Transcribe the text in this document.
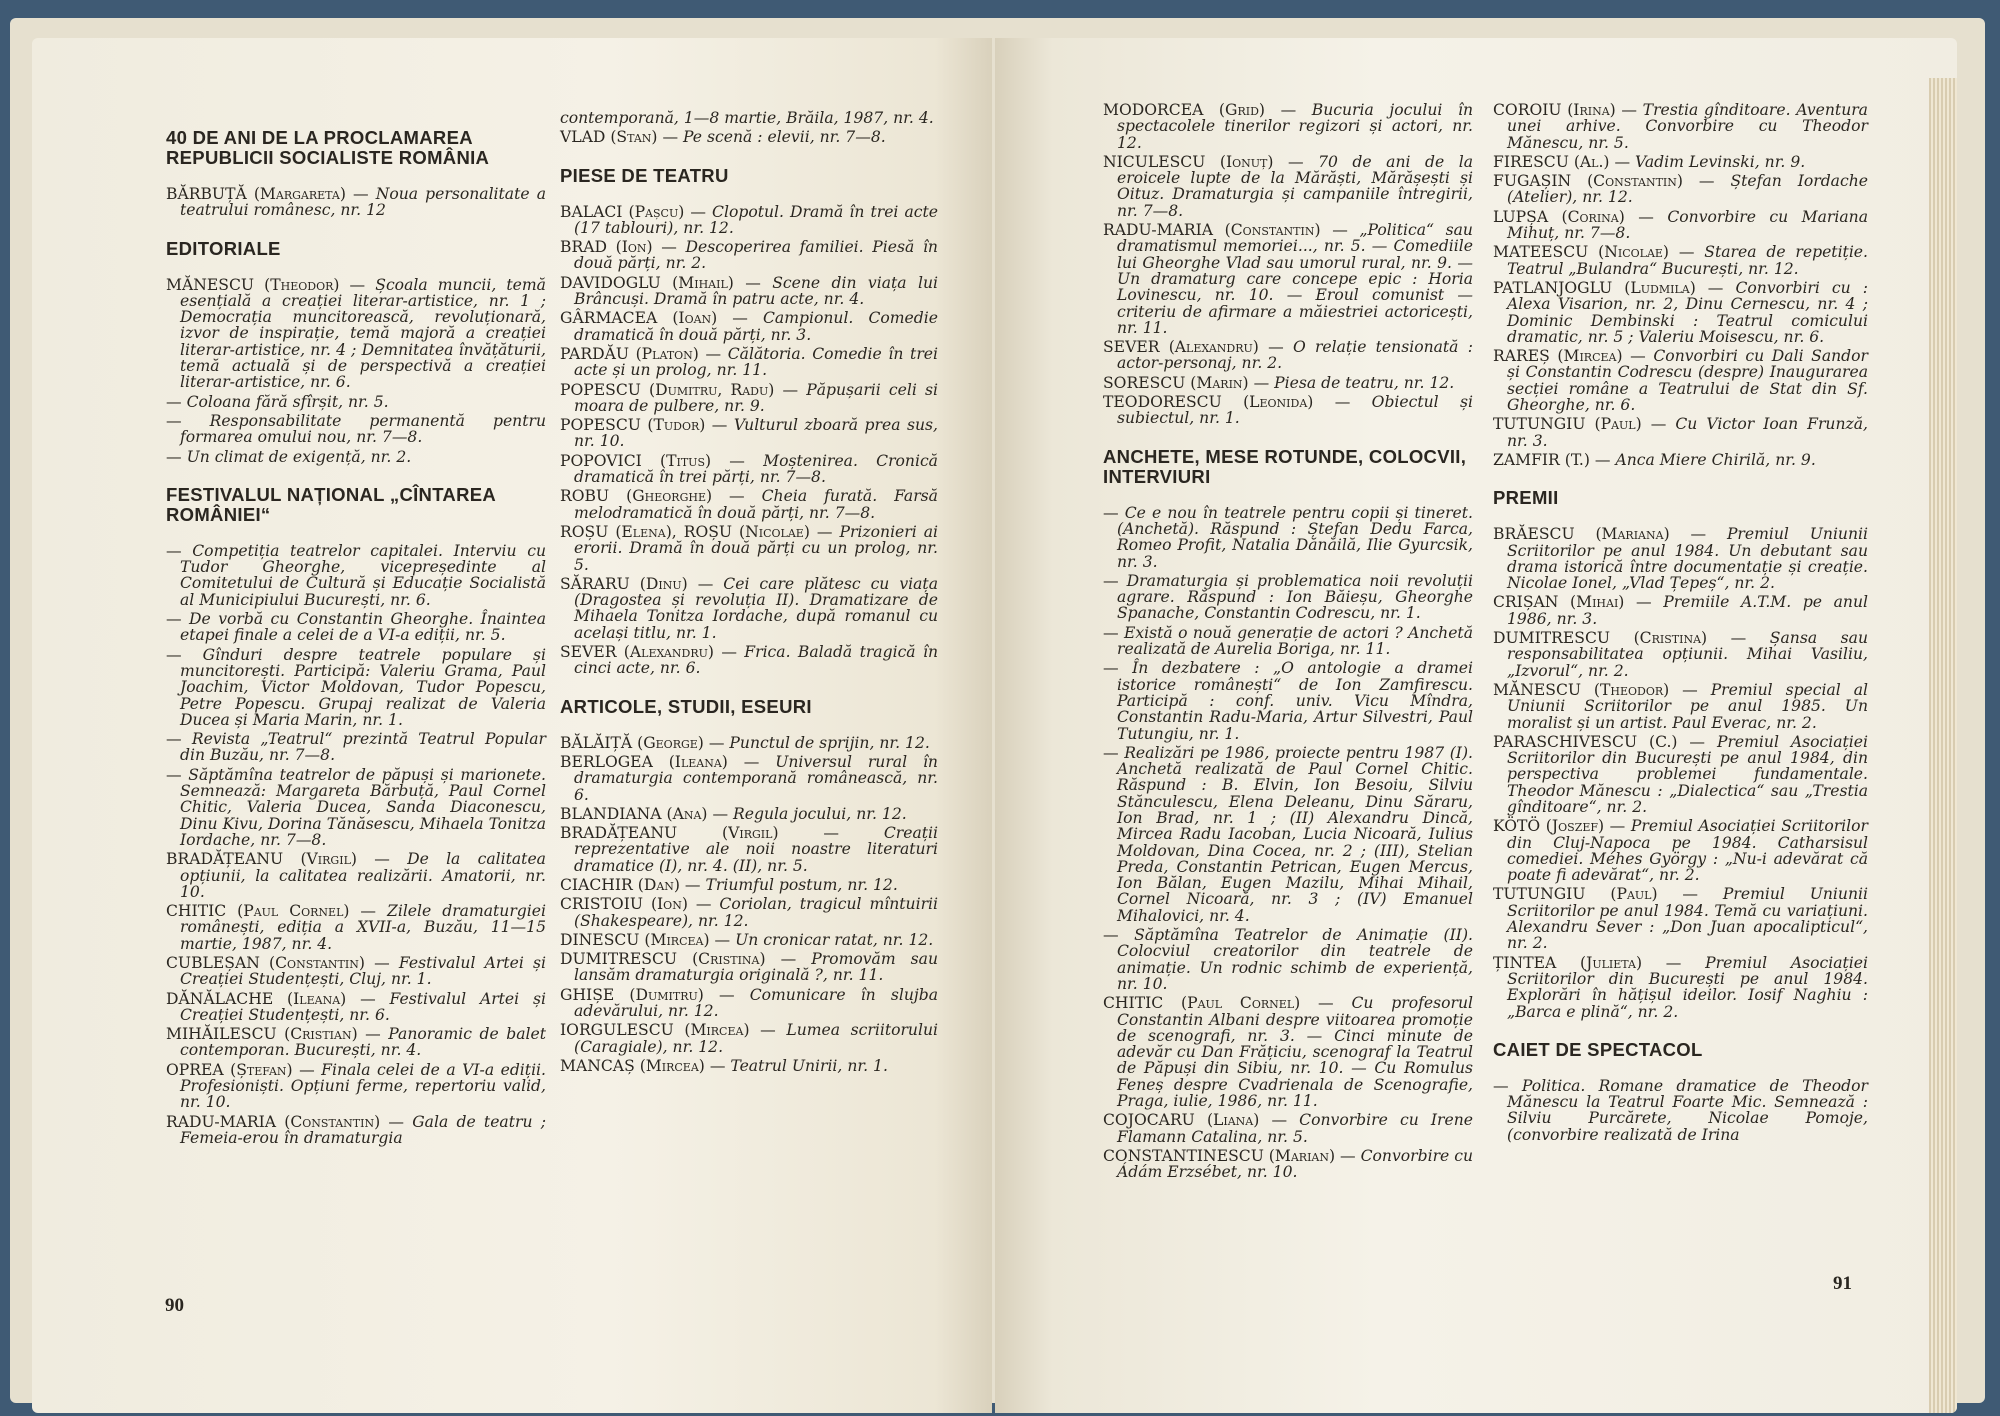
40 DE ANI DE LA PROCLAMAREA REPUBLICII SOCIALISTE ROMÂNIA

BĂRBUȚĂ (Margareta) — Noua personalitate a teatrului românesc, nr. 12

EDITORIALE

MĂNESCU (Theodor) — Școala muncii, temă esențială a creației literar-artistice, nr. 1 ; Democrația muncitorească, revoluționară, izvor de inspirație, temă majoră a creației literar-artistice, nr. 4 ; Demnitatea învățăturii, temă actuală și de perspectivă a creației literar-artistice, nr. 6.

— Coloana fără sfîrșit, nr. 5.

— Responsabilitate permanentă pentru formarea omului nou, nr. 7—8.

— Un climat de exigență, nr. 2.

FESTIVALUL NAȚIONAL „CÎNTAREA ROMÂNIEI“

— Competiția teatrelor capitalei. Interviu cu Tudor Gheorghe, vicepreședinte al Comitetului de Cultură și Educație Socialistă al Municipiului București, nr. 6.

— De vorbă cu Constantin Gheorghe. Înaintea etapei finale a celei de a VI-a ediții, nr. 5.

— Gînduri despre teatrele populare și muncitorești. Participă: Valeriu Grama, Paul Joachim, Victor Moldovan, Tudor Popescu, Petre Popescu. Grupaj realizat de Valeria Ducea și Maria Marin, nr. 1.

— Revista „Teatrul“ prezintă Teatrul Popular din Buzău, nr. 7—8.

— Săptămîna teatrelor de păpuși și marionete. Semnează: Margareta Bărbuță, Paul Cornel Chitic, Valeria Ducea, Sanda Diaconescu, Dinu Kivu, Dorina Tănăsescu, Mihaela Tonitza Iordache, nr. 7—8.

BRADĂȚEANU (Virgil) — De la calitatea opțiunii, la calitatea realizării. Amatorii, nr. 10.

CHITIC (Paul Cornel) — Zilele dramaturgiei românești, ediția a XVII-a, Buzău, 11—15 martie, 1987, nr. 4.

CUBLEȘAN (Constantin) — Festivalul Artei și Creației Studențești, Cluj, nr. 1.

DĂNĂLACHE (Ileana) — Festivalul Artei și Creației Studențești, nr. 6.

MIHĂILESCU (Cristian) — Panoramic de balet contemporan. București, nr. 4.

OPREA (Ștefan) — Finala celei de a VI-a ediții. Profesioniști. Opțiuni ferme, repertoriu valid, nr. 10.

RADU-MARIA (Constantin) — Gala de teatru ; Femeia-erou în dramaturgia

contemporană, 1—8 martie, Brăila, 1987, nr. 4.

VLAD (Stan) — Pe scenă : elevii, nr. 7—8.

PIESE DE TEATRU

BALACI (Pașcu) — Clopotul. Dramă în trei acte (17 tablouri), nr. 12.

BRAD (Ion) — Descoperirea familiei. Piesă în două părți, nr. 2.

DAVIDOGLU (Mihail) — Scene din viața lui Brâncuși. Dramă în patru acte, nr. 4.

GÂRMACEA (Ioan) — Campionul. Comedie dramatică în două părți, nr. 3.

PARDĂU (Platon) — Călătoria. Comedie în trei acte și un prolog, nr. 11.

POPESCU (Dumitru, Radu) — Păpușarii celi si moara de pulbere, nr. 9.

POPESCU (Tudor) — Vulturul zboară prea sus, nr. 10.

POPOVICI (Titus) — Moștenirea. Cronică dramatică în trei părți, nr. 7—8.

ROBU (Gheorghe) — Cheia furată. Farsă melodramatică în două părți, nr. 7—8.

ROȘU (Elena), ROȘU (Nicolae) — Prizonieri ai erorii. Dramă în două părți cu un prolog, nr. 5.

SĂRARU (Dinu) — Cei care plătesc cu viața (Dragostea și revoluția II). Dramatizare de Mihaela Tonitza Iordache, după romanul cu același titlu, nr. 1.

SEVER (Alexandru) — Frica. Baladă tragică în cinci acte, nr. 6.

ARTICOLE, STUDII, ESEURI

BĂLĂIȚĂ (George) — Punctul de sprijin, nr. 12.

BERLOGEA (Ileana) — Universul rural în dramaturgia contemporană românească, nr. 6.

BLANDIANA (Ana) — Regula jocului, nr. 12.

BRADĂȚEANU (Virgil) —	Creații reprezentative ale noii noastre literaturi dramatice (I), nr. 4. (II), nr. 5.

CIACHIR (Dan) — Triumful postum, nr. 12.

CRISTOIU (Ion) — Coriolan, tragicul mîntuirii (Shakespeare), nr. 12.

DINESCU (Mircea) — Un cronicar ratat, nr. 12.

DUMITRESCU (Cristina) — Promovăm sau lansăm dramaturgia originală ?, nr. 11.

GHIȘE (Dumitru) — Comunicare în slujba adevărului, nr. 12.

IORGULESCU (Mircea) — Lumea scriitorului (Caragiale), nr. 12.

MANCAȘ (Mircea) — Teatrul Unirii, nr. 1.

90

MODORCEA (Grid) — Bucuria jocului în spectacolele tinerilor regizori și actori, nr. 12.

NICULESCU (Ionuț) — 70 de ani de la eroicele lupte de la Mărăști, Mărășești și Oituz. Dramaturgia și campaniile întregirii, nr. 7—8.

RADU-MARIA (Constantin) — „Politica“ sau dramatismul memoriei..., nr. 5. — Comediile lui Gheorghe Vlad sau umorul rural, nr. 9. — Un dramaturg care concepe epic : Horia Lovinescu, nr. 10. — Eroul comunist — criteriu de afirmare a măiestriei actoricești, nr. 11.

SEVER (Alexandru) — O relație tensionată : actor-personaj, nr. 2.

SORESCU (Marin) — Piesa de teatru, nr. 12.

TEODORESCU (Leonida) — Obiectul și subiectul, nr. 1.

ANCHETE, MESE ROTUNDE, COLOCVII, INTERVIURI

— Ce e nou în teatrele pentru copii și tineret. (Anchetă). Răspund : Ștefan Dedu Farca, Romeo Profit, Natalia Dănăilă, Ilie Gyurcsik, nr. 3.

— Dramaturgia și problematica noii revoluții agrare. Răspund : Ion Băieșu, Gheorghe Spanache, Constantin Codrescu, nr. 1.

— Există o nouă generație de actori ? Anchetă realizată de Aurelia Boriga, nr. 11.

— În dezbatere : „O antologie a dramei istorice românești“ de Ion Zamfirescu. Participă : conf. univ. Vicu Mîndra, Constantin Radu-Maria, Artur Silvestri, Paul Tutungiu, nr. 1.

— Realizări pe 1986, proiecte pentru 1987 (I). Anchetă realizată de Paul Cornel Chitic. Răspund : B. Elvin, Ion Besoiu, Silviu Stănculescu, Elena Deleanu, Dinu Săraru, Ion Brad, nr. 1 ; (II) Alexandru Dincă, Mircea Radu Iacoban, Lucia Nicoară, Iulius Moldovan, Dina Cocea, nr. 2 ; (III), Stelian Preda, Constantin Petrican, Eugen Mercus, Ion Bălan, Eugen Mazilu, Mihai Mihail, Cornel Nicoară, nr. 3 ; (IV) Emanuel Mihalovici, nr. 4.

— Săptămîna Teatrelor de Animație (II). Colocviul creatorilor din teatrele de animație. Un rodnic schimb de experiență, nr. 10.

CHITIC (Paul Cornel) — Cu profesorul Constantin Albani despre viitoarea promoție de scenografi, nr. 3. — Cinci minute de adevăr cu Dan Frățiciu, scenograf la Teatrul de Păpuși din Sibiu, nr. 10. — Cu Romulus Feneș despre Cvadrienala de Scenografie, Praga, iulie, 1986, nr. 11.

COJOCARU (Liana) — Convorbire cu Irene Flamann Catalina, nr. 5.

CONSTANTINESCU (Marian) — Convorbire cu Ádám Erzsébet, nr. 10.

COROIU (Irina) — Trestia gînditoare. Aventura unei arhive. Convorbire cu Theodor Mănescu, nr. 5.

FIRESCU (Al.) — Vadim Levinski, nr. 9.

FUGAȘIN (Constantin) — Ștefan Iordache (Atelier), nr. 12.

LUPȘA (Corina) — Convorbire cu Mariana Mihuț, nr. 7—8.

MATEESCU (Nicolae) — Starea de repetiție. Teatrul „Bulandra“ București, nr. 12.

PATLANJOGLU (Ludmila) — Convorbiri cu : Alexa Visarion, nr. 2, Dinu Cernescu, nr. 4 ; Dominic Dembinski : Teatrul comicului dramatic, nr. 5 ; Valeriu Moisescu, nr. 6.

RAREȘ (Mircea) — Convorbiri cu Dali Sandor și Constantin Codrescu (despre) Inaugurarea secției române a Teatrului de Stat din Sf. Gheorghe, nr. 6.

TUTUNGIU (Paul) — Cu Victor Ioan Frunză, nr. 3.

ZAMFIR (T.) — Anca Miere Chirilă, nr. 9.

PREMII

BRĂESCU (Mariana) — Premiul Uniunii Scriitorilor pe anul 1984. Un debutant sau drama istorică între documentație și creație. Nicolae Ionel, „Vlad Țepeș“, nr. 2.

CRIȘAN (Mihai) — Premiile A.T.M. pe anul 1986, nr. 3.

DUMITRESCU (Cristina) — Șansa sau responsabilitatea opțiunii. Mihai Vasiliu, „Izvorul“, nr. 2.

MĂNESCU (Theodor) — Premiul special al Uniunii Scriitorilor pe anul 1985. Un moralist și un artist. Paul Everac, nr. 2.

PARASCHIVESCU (C.) — Premiul Asociației Scriitorilor din București pe anul 1984, din perspectiva problemei fundamentale. Theodor Mănescu : „Dialectica“ sau „Trestia gînditoare“, nr. 2.

KÖTÖ (Joszef) — Premiul Asociației Scriitorilor din Cluj-Napoca pe 1984. Catharsisul comediei. Méhes György : „Nu-i adevărat că poate fi adevărat“, nr. 2.

TUTUNGIU (Paul) — Premiul Uniunii Scriitorilor pe anul 1984. Temă cu variațiuni. Alexandru Sever : „Don Juan apocalipticul“, nr. 2.

ȚINTEA (Julieta) — Premiul Asociației Scriitorilor din București pe anul 1984. Explorări în hățișul ideilor. Iosif Naghiu : „Barca e plină“, nr. 2.

CAIET DE SPECTACOL

— Politica. Romane dramatice de Theodor Mănescu la Teatrul Foarte Mic. Semnează : Silviu Purcărete, Nicolae Pomoje, (convorbire realizată de Irina

91
